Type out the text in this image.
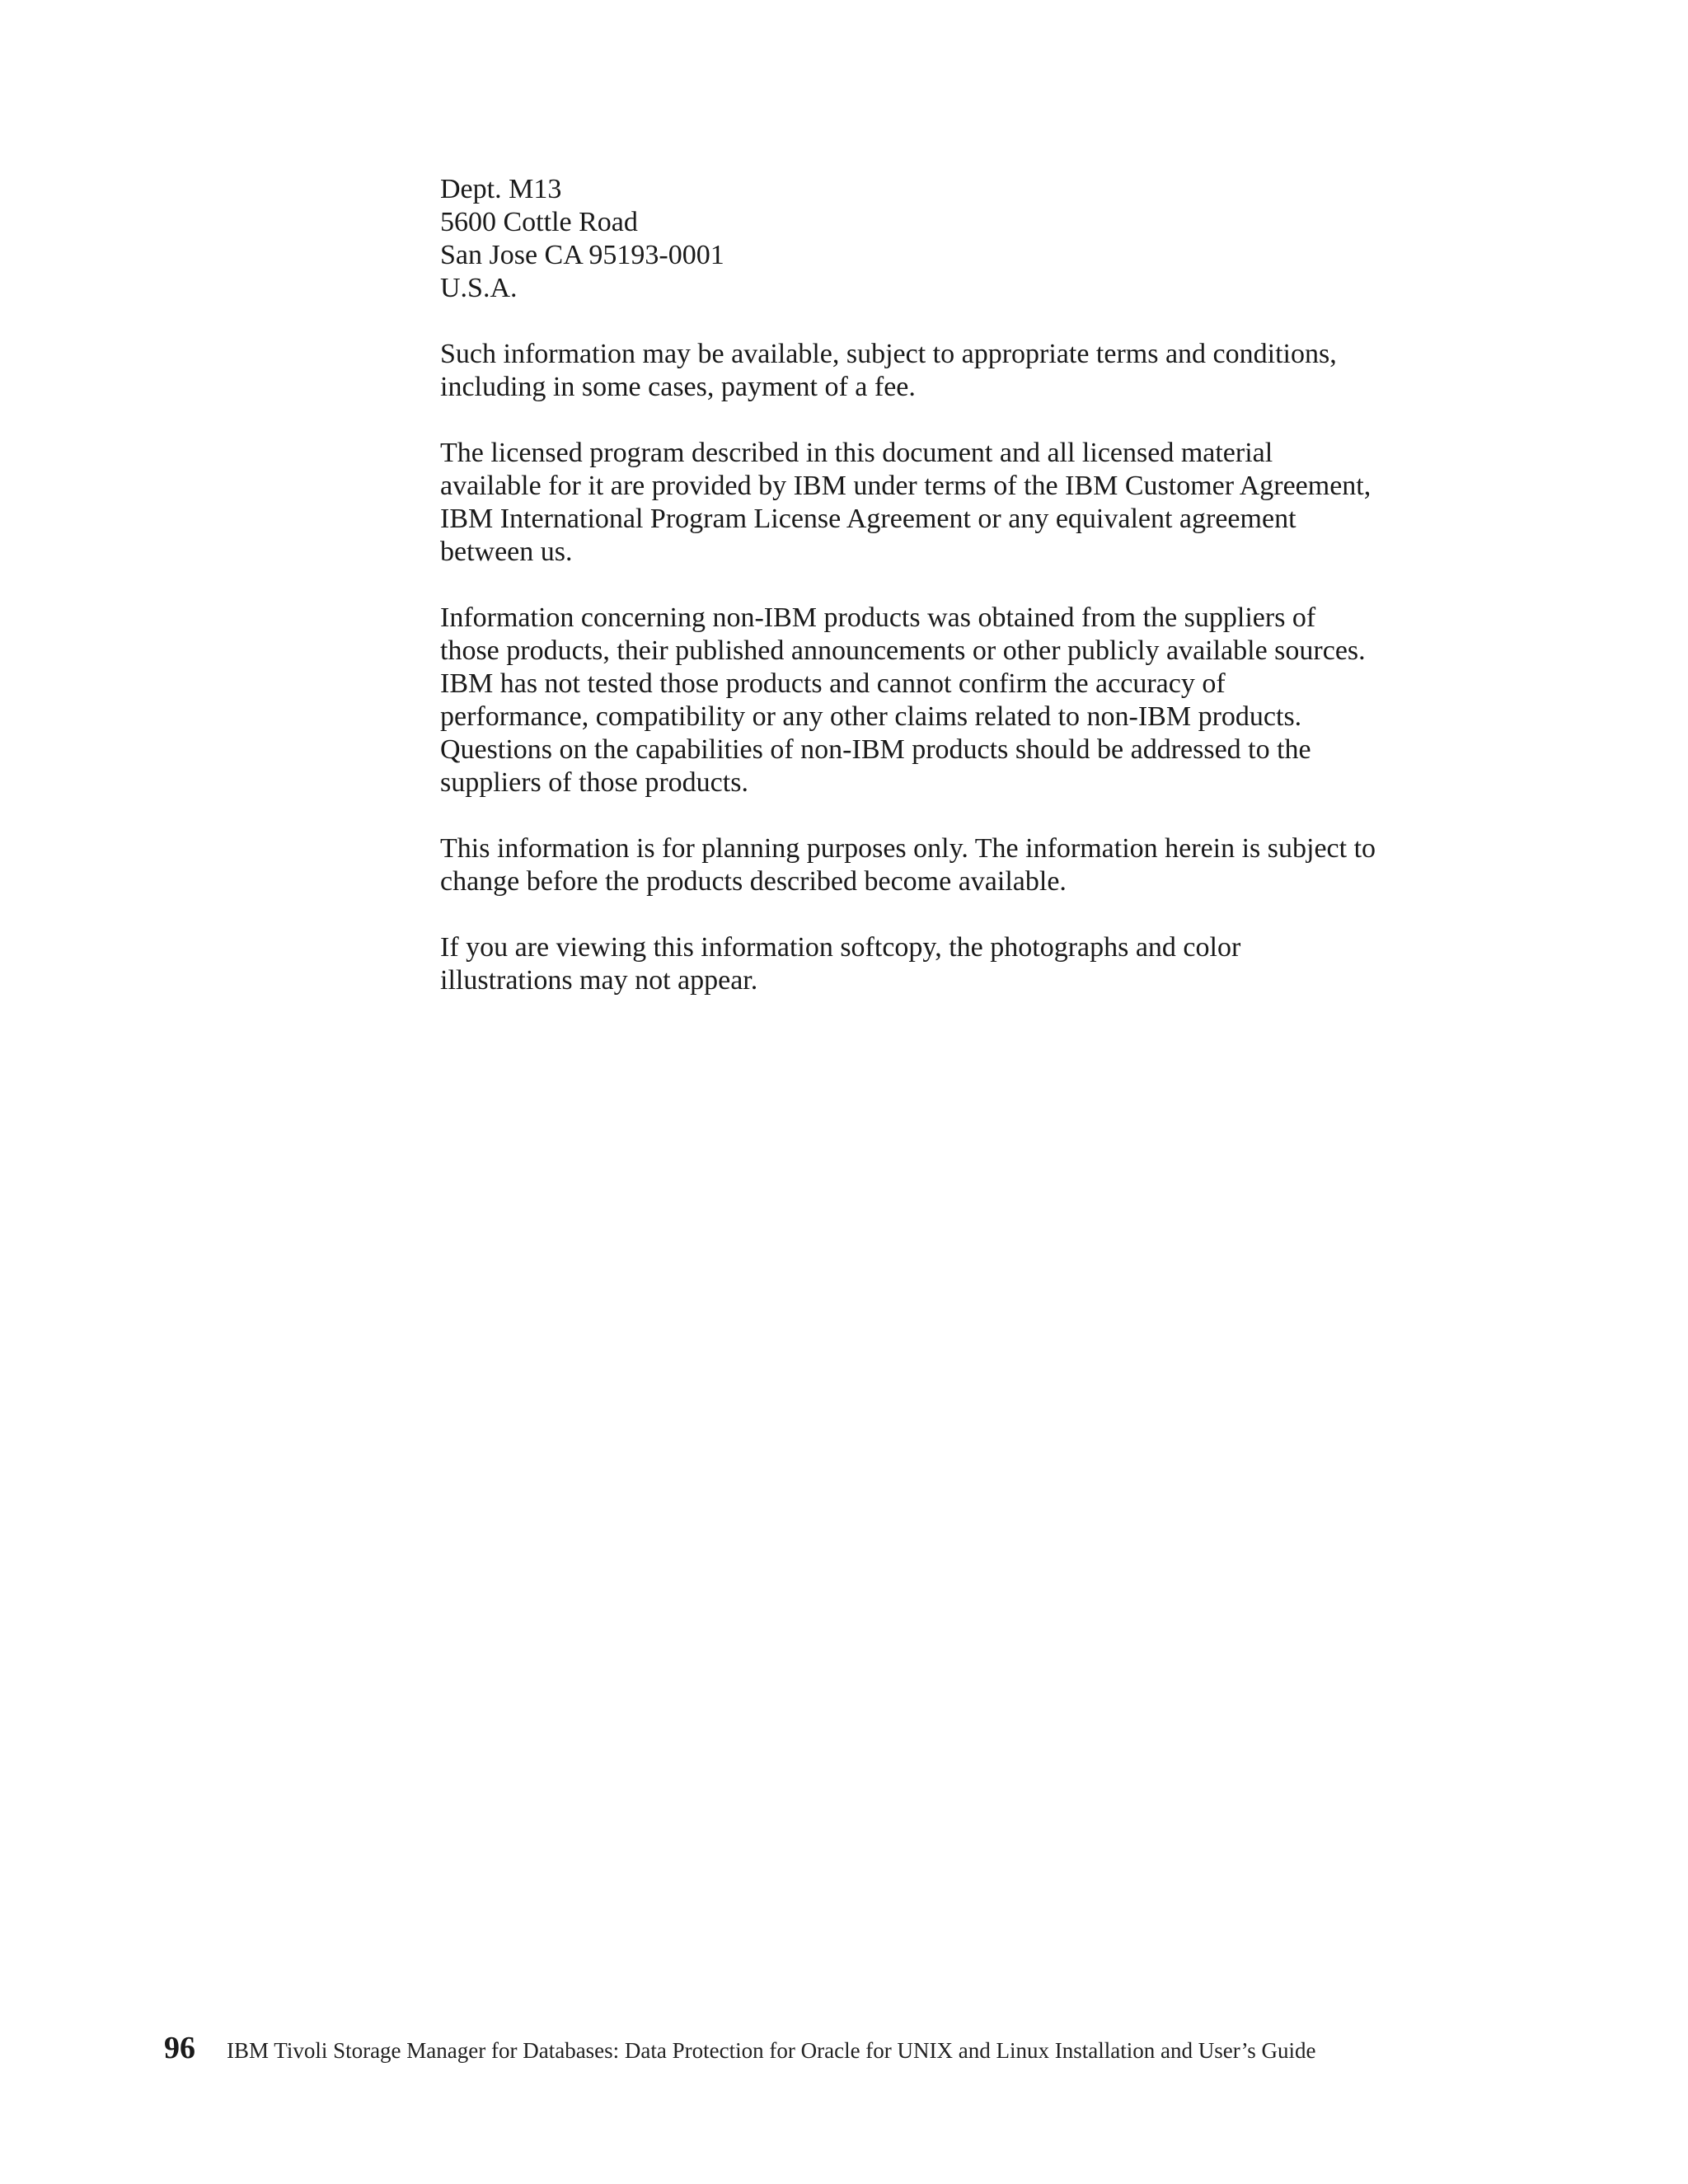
Dept. M13
5600 Cottle Road
San Jose CA 95193-0001
U.S.A.

Such information may be available, subject to appropriate terms and conditions,
including in some cases, payment of a fee.

The licensed program described in this document and all licensed material
available for it are provided by IBM under terms of the IBM Customer Agreement,
IBM International Program License Agreement or any equivalent agreement
between us.

Information concerning non-IBM products was obtained from the suppliers of
those products, their published announcements or other publicly available sources.
IBM has not tested those products and cannot confirm the accuracy of
performance, compatibility or any other claims related to non-IBM products.
Questions on the capabilities of non-IBM products should be addressed to the
suppliers of those products.

This information is for planning purposes only. The information herein is subject to
change before the products described become available.

If you are viewing this information softcopy, the photographs and color
illustrations may not appear.

96 IBM Tivoli Storage Manager for Databases: Data Protection for Oracle for UNIX and Linux Installation and User’s Guide
